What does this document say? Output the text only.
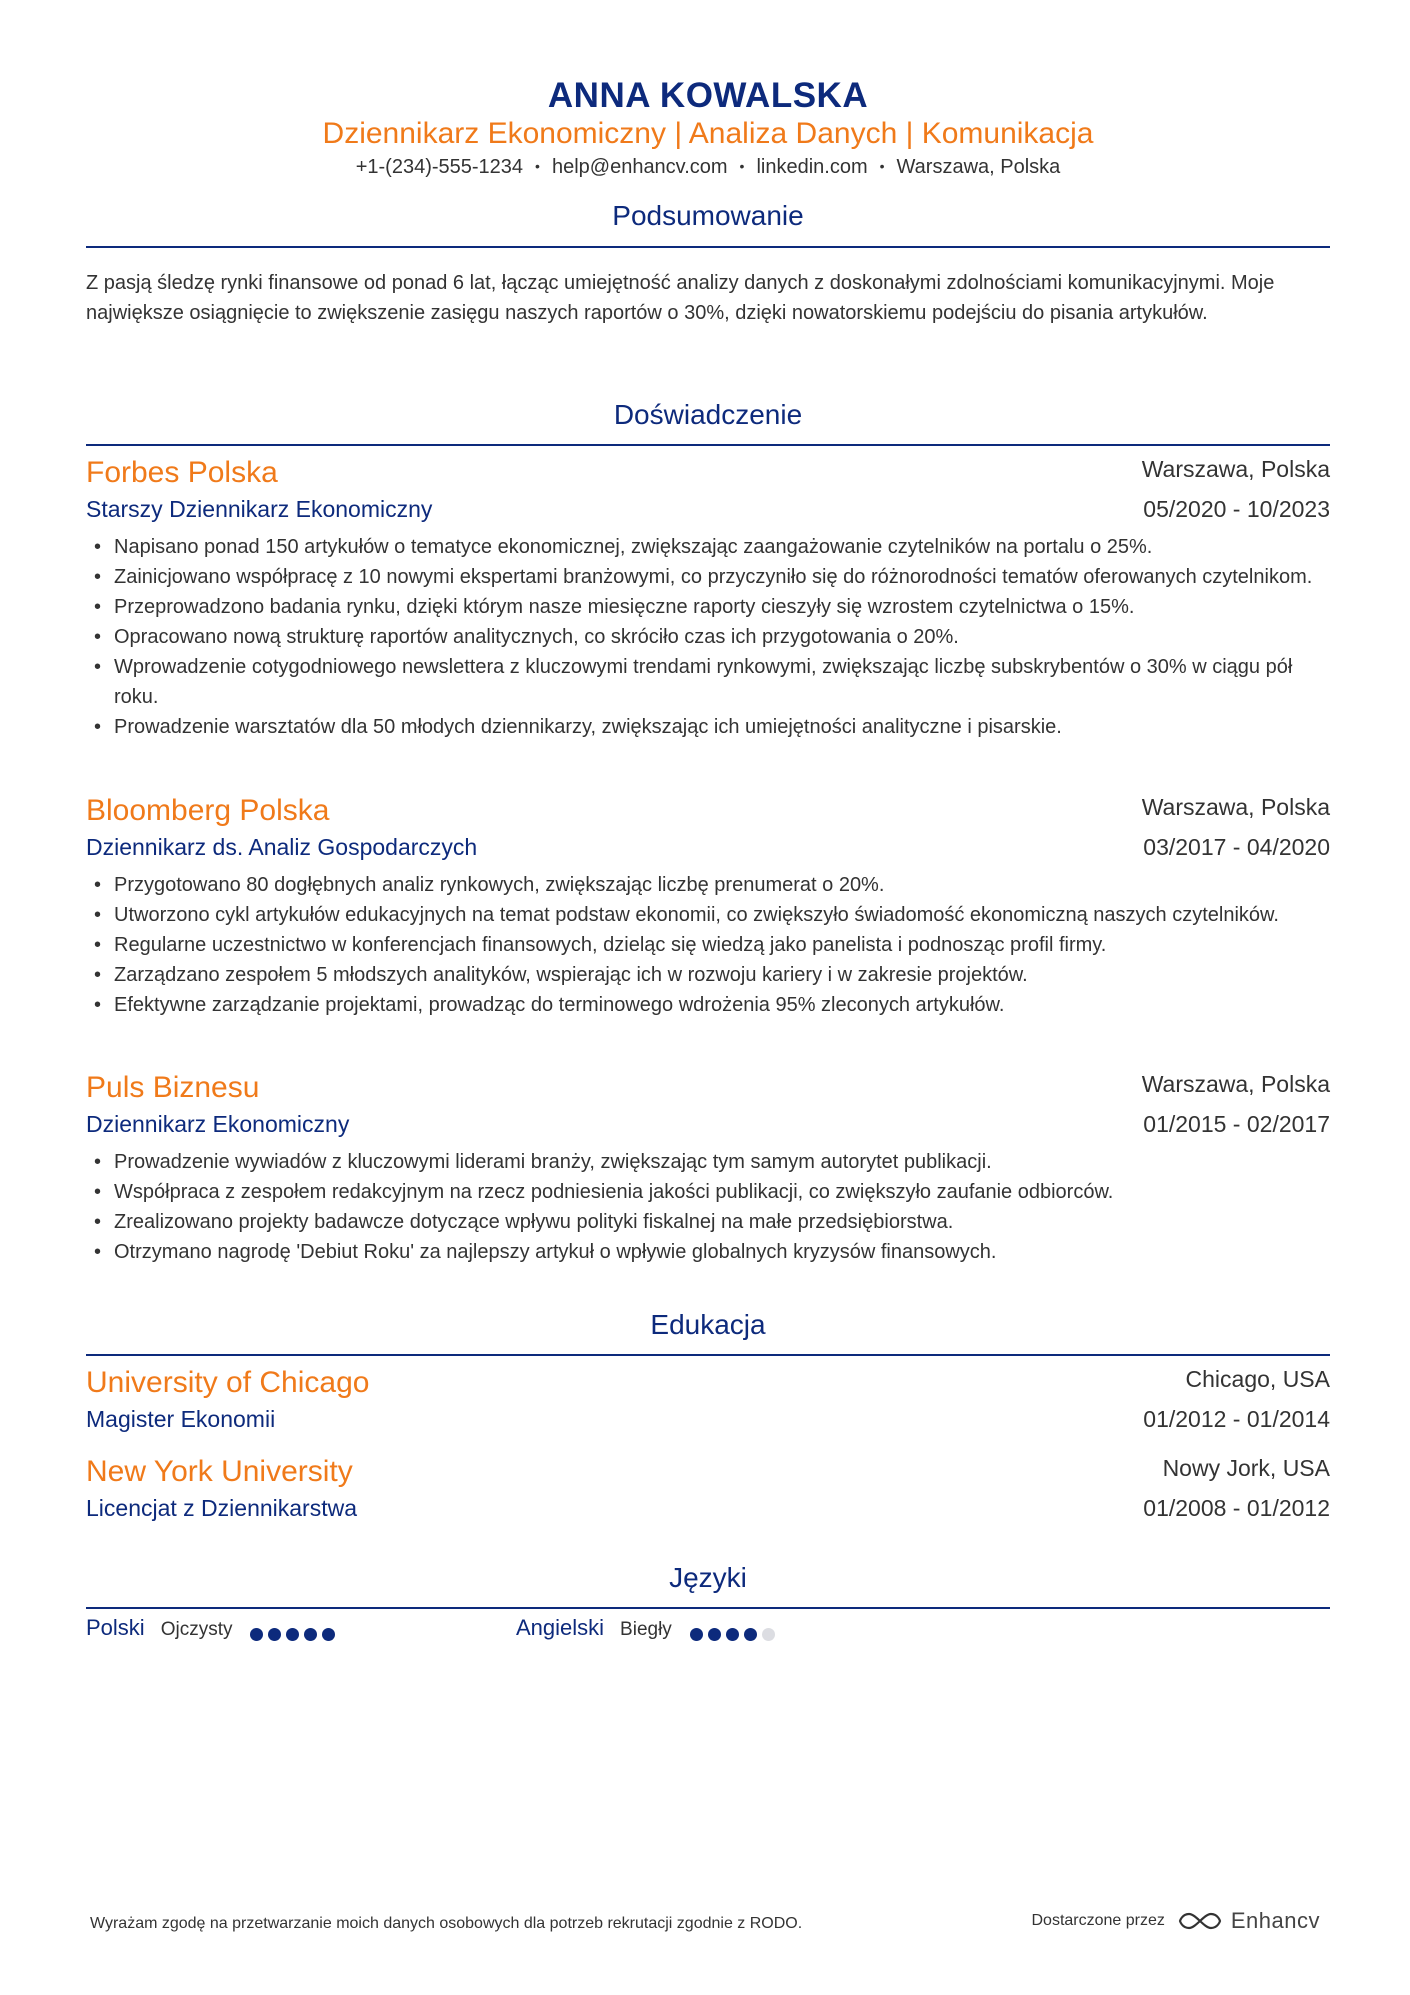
ANNA KOWALSKA
Dziennikarz Ekonomiczny | Analiza Danych | Komunikacja
+1-(234)-555-1234 • help@enhancv.com • linkedin.com • Warszawa, Polska
Podsumowanie
Z pasją śledzę rynki finansowe od ponad 6 lat, łącząc umiejętność analizy danych z doskonałymi zdolnościami komunikacyjnymi. Moje największe osiągnięcie to zwiększenie zasięgu naszych raportów o 30%, dzięki nowatorskiemu podejściu do pisania artykułów.
Doświadczenie
Forbes Polska	Warszawa, Polska
Starszy Dziennikarz Ekonomiczny	05/2020 - 10/2023
• Napisano ponad 150 artykułów o tematyce ekonomicznej, zwiększając zaangażowanie czytelników na portalu o 25%.
• Zainicjowano współpracę z 10 nowymi ekspertami branżowymi, co przyczyniło się do różnorodności tematów oferowanych czytelnikom.
• Przeprowadzono badania rynku, dzięki którym nasze miesięczne raporty cieszyły się wzrostem czytelnictwa o 15%.
• Opracowano nową strukturę raportów analitycznych, co skróciło czas ich przygotowania o 20%.
• Wprowadzenie cotygodniowego newslettera z kluczowymi trendami rynkowymi, zwiększając liczbę subskrybentów o 30% w ciągu pół roku.
• Prowadzenie warsztatów dla 50 młodych dziennikarzy, zwiększając ich umiejętności analityczne i pisarskie.
Bloomberg Polska	Warszawa, Polska
Dziennikarz ds. Analiz Gospodarczych	03/2017 - 04/2020
• Przygotowano 80 dogłębnych analiz rynkowych, zwiększając liczbę prenumerat o 20%.
• Utworzono cykl artykułów edukacyjnych na temat podstaw ekonomii, co zwiększyło świadomość ekonomiczną naszych czytelników.
• Regularne uczestnictwo w konferencjach finansowych, dzieląc się wiedzą jako panelista i podnosząc profil firmy.
• Zarządzano zespołem 5 młodszych analityków, wspierając ich w rozwoju kariery i w zakresie projektów.
• Efektywne zarządzanie projektami, prowadząc do terminowego wdrożenia 95% zleconych artykułów.
Puls Biznesu	Warszawa, Polska
Dziennikarz Ekonomiczny	01/2015 - 02/2017
• Prowadzenie wywiadów z kluczowymi liderami branży, zwiększając tym samym autorytet publikacji.
• Współpraca z zespołem redakcyjnym na rzecz podniesienia jakości publikacji, co zwiększyło zaufanie odbiorców.
• Zrealizowano projekty badawcze dotyczące wpływu polityki fiskalnej na małe przedsiębiorstwa.
• Otrzymano nagrodę 'Debiut Roku' za najlepszy artykuł o wpływie globalnych kryzysów finansowych.
Edukacja
University of Chicago	Chicago, USA
Magister Ekonomii	01/2012 - 01/2014
New York University	Nowy Jork, USA
Licencjat z Dziennikarstwa	01/2008 - 01/2012
Języki
Polski Ojczysty	Angielski Biegły
Wyrażam zgodę na przetwarzanie moich danych osobowych dla potrzeb rekrutacji zgodnie z RODO.	Dostarczone przez	Enhancv
